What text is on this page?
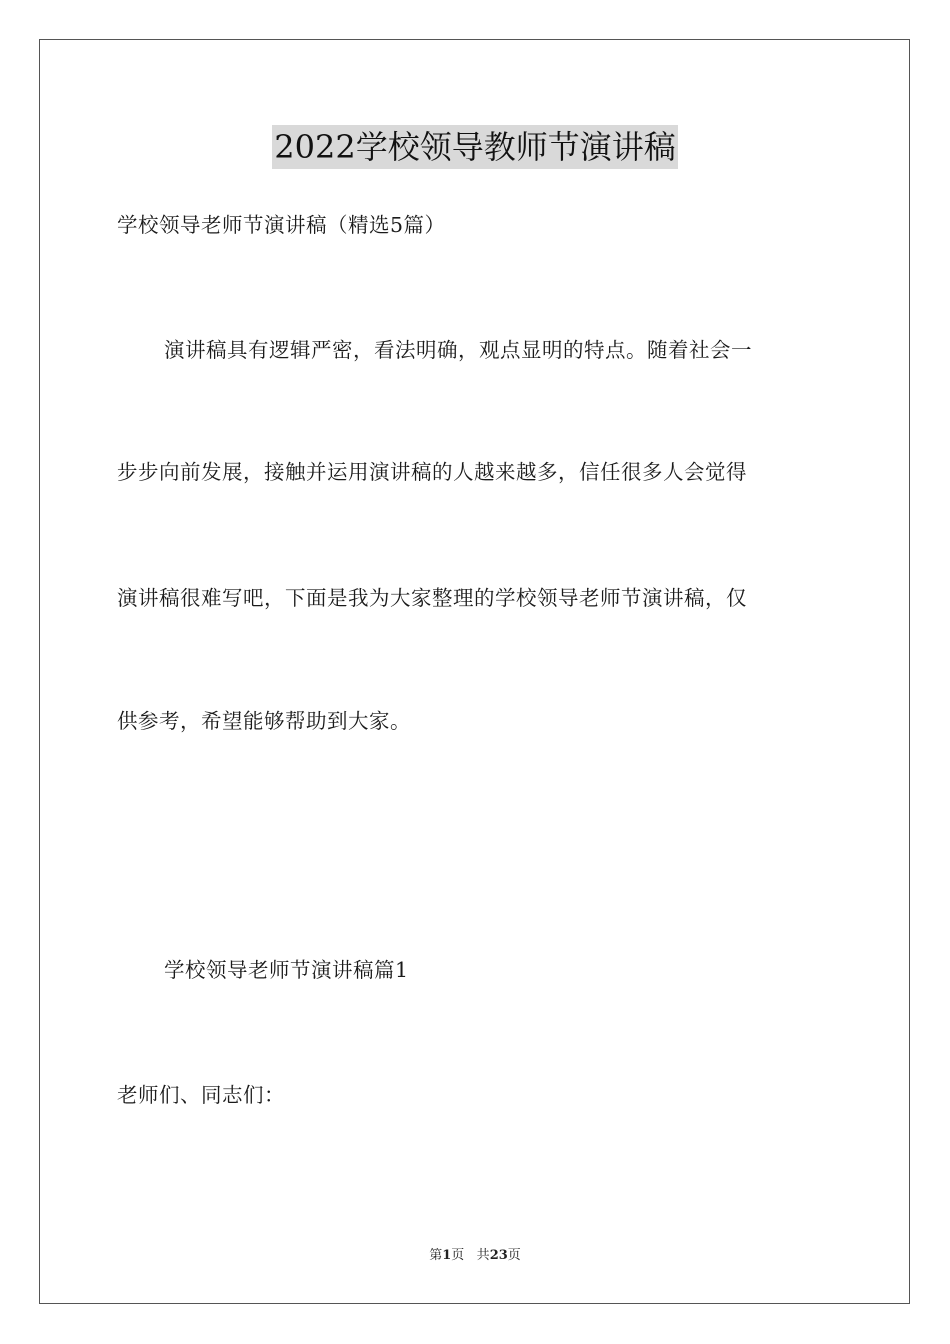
2022学校领导教师节演讲稿
学校领导老师节演讲稿（精选5篇）
演讲稿具有逻辑严密，看法明确，观点显明的特点。随着社会一
步步向前发展，接触并运用演讲稿的人越来越多，信任很多人会觉得
演讲稿很难写吧，下面是我为大家整理的学校领导老师节演讲稿，仅
供参考，希望能够帮助到大家。
学校领导老师节演讲稿篇1
老师们、同志们：
第1页 共23页
